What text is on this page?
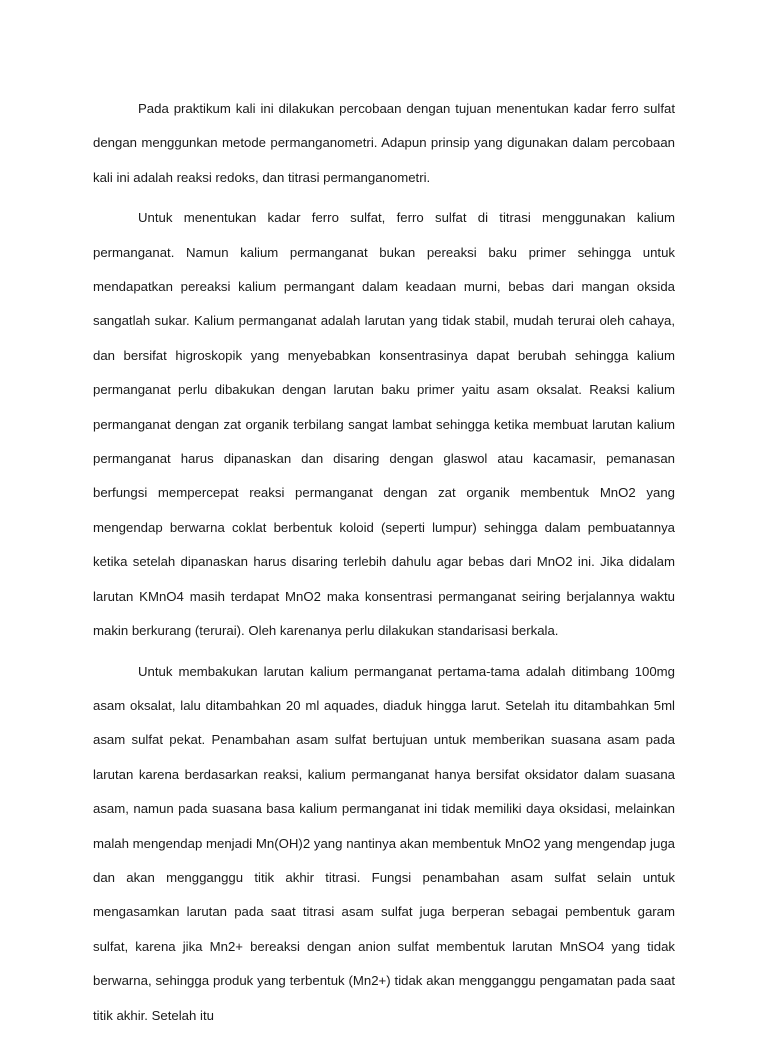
Pada praktikum kali ini dilakukan percobaan dengan tujuan menentukan kadar ferro sulfat dengan menggunkan metode permanganometri. Adapun prinsip yang digunakan dalam percobaan kali ini adalah reaksi redoks, dan titrasi permanganometri.

Untuk menentukan kadar ferro sulfat, ferro sulfat di titrasi menggunakan kalium permanganat. Namun kalium permanganat bukan pereaksi baku primer sehingga untuk mendapatkan pereaksi kalium permangant dalam keadaan murni, bebas dari mangan oksida sangatlah sukar. Kalium permanganat adalah larutan yang tidak stabil, mudah terurai oleh cahaya, dan bersifat higroskopik yang menyebabkan konsentrasinya dapat berubah sehingga kalium permanganat perlu dibakukan dengan larutan baku primer yaitu asam oksalat. Reaksi kalium permanganat dengan zat organik terbilang sangat lambat sehingga ketika membuat larutan kalium permanganat harus dipanaskan dan disaring dengan glaswol atau kacamasir, pemanasan berfungsi mempercepat reaksi permanganat dengan zat organik membentuk MnO2 yang mengendap berwarna coklat berbentuk koloid (seperti lumpur) sehingga dalam pembuatannya ketika setelah dipanaskan harus disaring terlebih dahulu agar bebas dari MnO2 ini. Jika didalam larutan KMnO4 masih terdapat MnO2 maka konsentrasi permanganat seiring berjalannya waktu makin berkurang (terurai). Oleh karenanya perlu dilakukan standarisasi berkala.

Untuk membakukan larutan kalium permanganat pertama-tama adalah ditimbang 100mg asam oksalat, lalu ditambahkan 20 ml aquades, diaduk hingga larut. Setelah itu ditambahkan 5ml asam sulfat pekat. Penambahan asam sulfat bertujuan untuk memberikan suasana asam pada larutan karena berdasarkan reaksi, kalium permanganat hanya bersifat oksidator dalam suasana asam, namun pada suasana basa kalium permanganat ini tidak memiliki daya oksidasi, melainkan malah mengendap menjadi Mn(OH)2 yang nantinya akan membentuk MnO2 yang mengendap juga dan akan mengganggu titik akhir titrasi. Fungsi penambahan asam sulfat selain untuk mengasamkan larutan pada saat titrasi asam sulfat juga berperan sebagai pembentuk garam sulfat, karena jika Mn2+ bereaksi dengan anion sulfat membentuk larutan MnSO4 yang tidak berwarna, sehingga produk yang terbentuk (Mn2+) tidak akan mengganggu pengamatan pada saat titik akhir. Setelah itu
